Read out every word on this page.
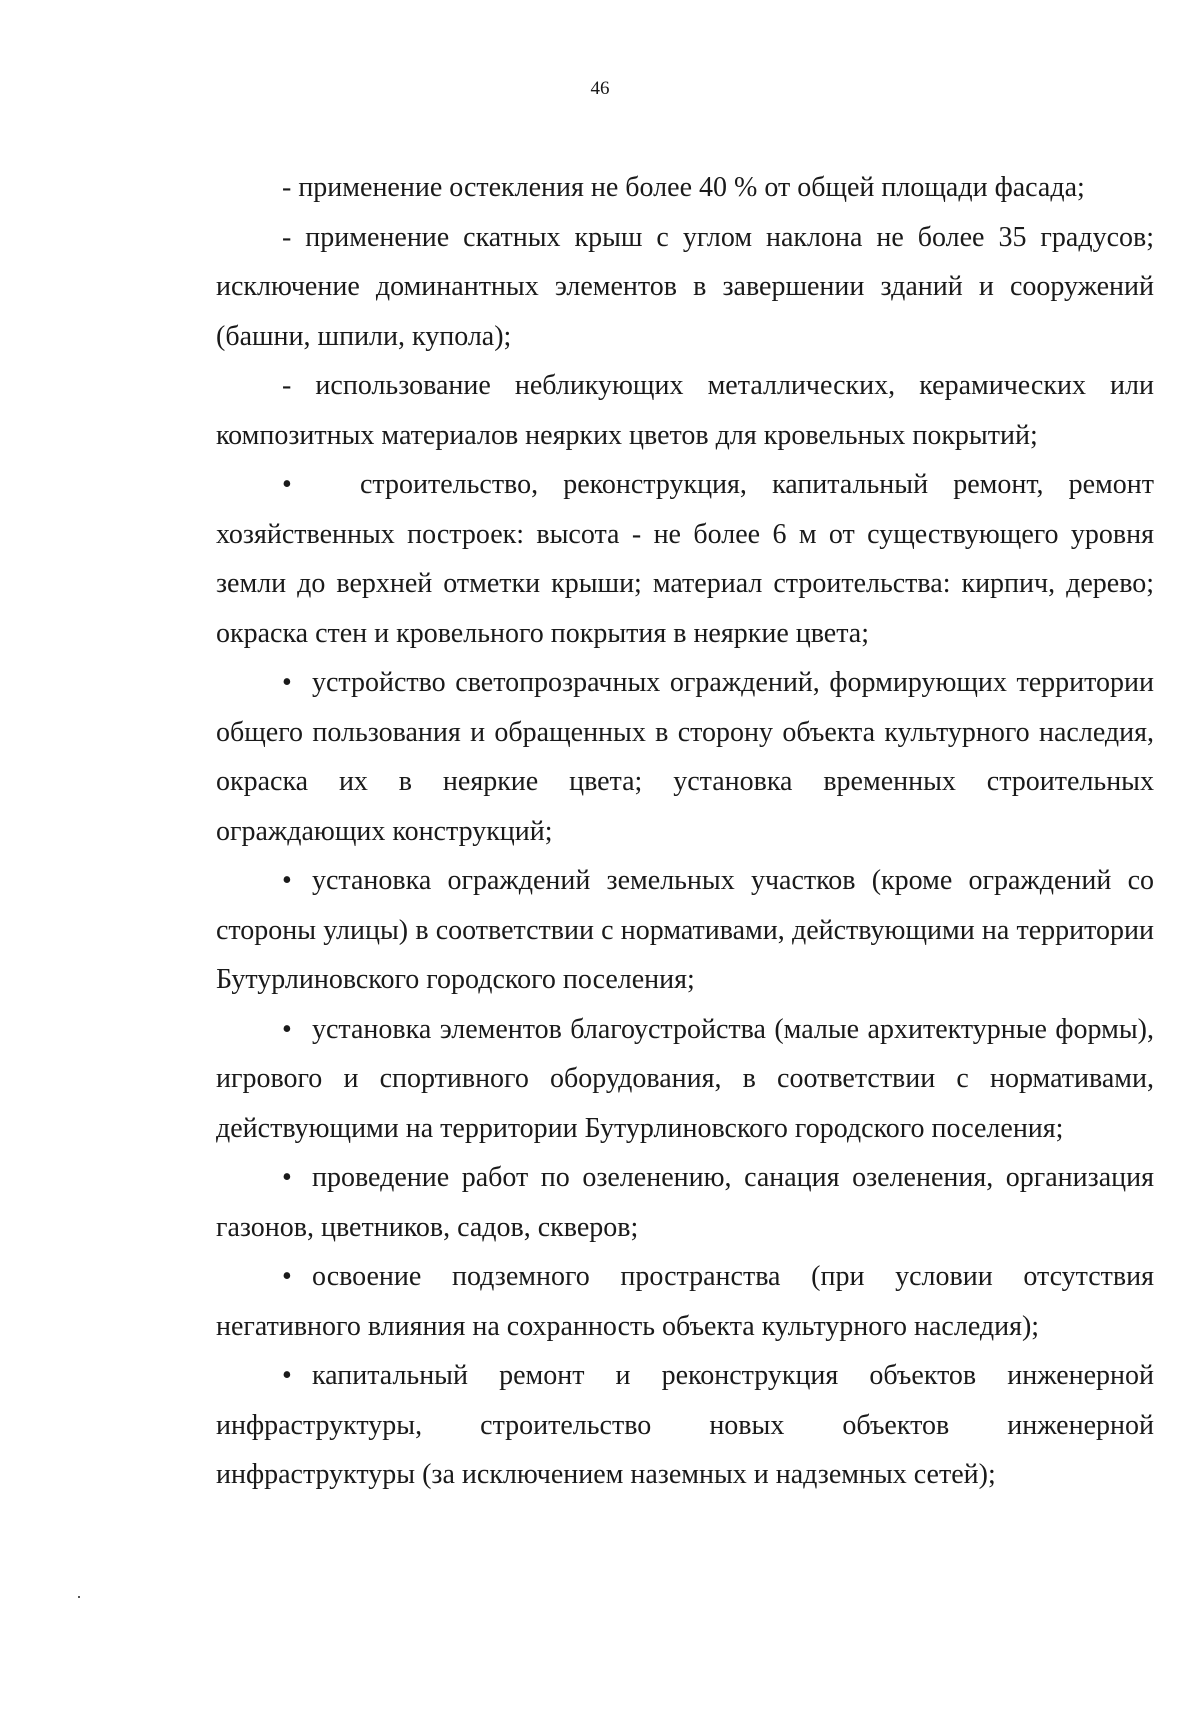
46

- применение остекления не более 40 % от общей площади фасада;

- применение скатных крыш с углом наклона не более 35 градусов; исключение доминантных элементов в завершении зданий и сооружений (башни, шпили, купола);

- использование небликующих металлических, керамических или композитных материалов неярких цветов для кровельных покрытий;

• строительство, реконструкция, капитальный ремонт, ремонт хозяйственных построек: высота - не более 6 м от существующего уровня земли до верхней отметки крыши; материал строительства: кирпич, дерево; окраска стен и кровельного покрытия в неяркие цвета;

• устройство светопрозрачных ограждений, формирующих территории общего пользования и обращенных в сторону объекта культурного наследия, окраска их в неяркие цвета; установка временных строительных ограждающих конструкций;

• установка ограждений земельных участков (кроме ограждений со стороны улицы) в соответствии с нормативами, действующими на территории Бутурлиновского городского поселения;

• установка элементов благоустройства (малые архитектурные формы), игрового и спортивного оборудования, в соответствии с нормативами, действующими на территории Бутурлиновского городского поселения;

• проведение работ по озеленению, санация озеленения, организация газонов, цветников, садов, скверов;

• освоение подземного пространства (при условии отсутствия негативного влияния на сохранность объекта культурного наследия);

• капитальный ремонт и реконструкция объектов инженерной инфраструктуры, строительство новых объектов инженерной инфраструктуры (за исключением наземных и надземных сетей);
